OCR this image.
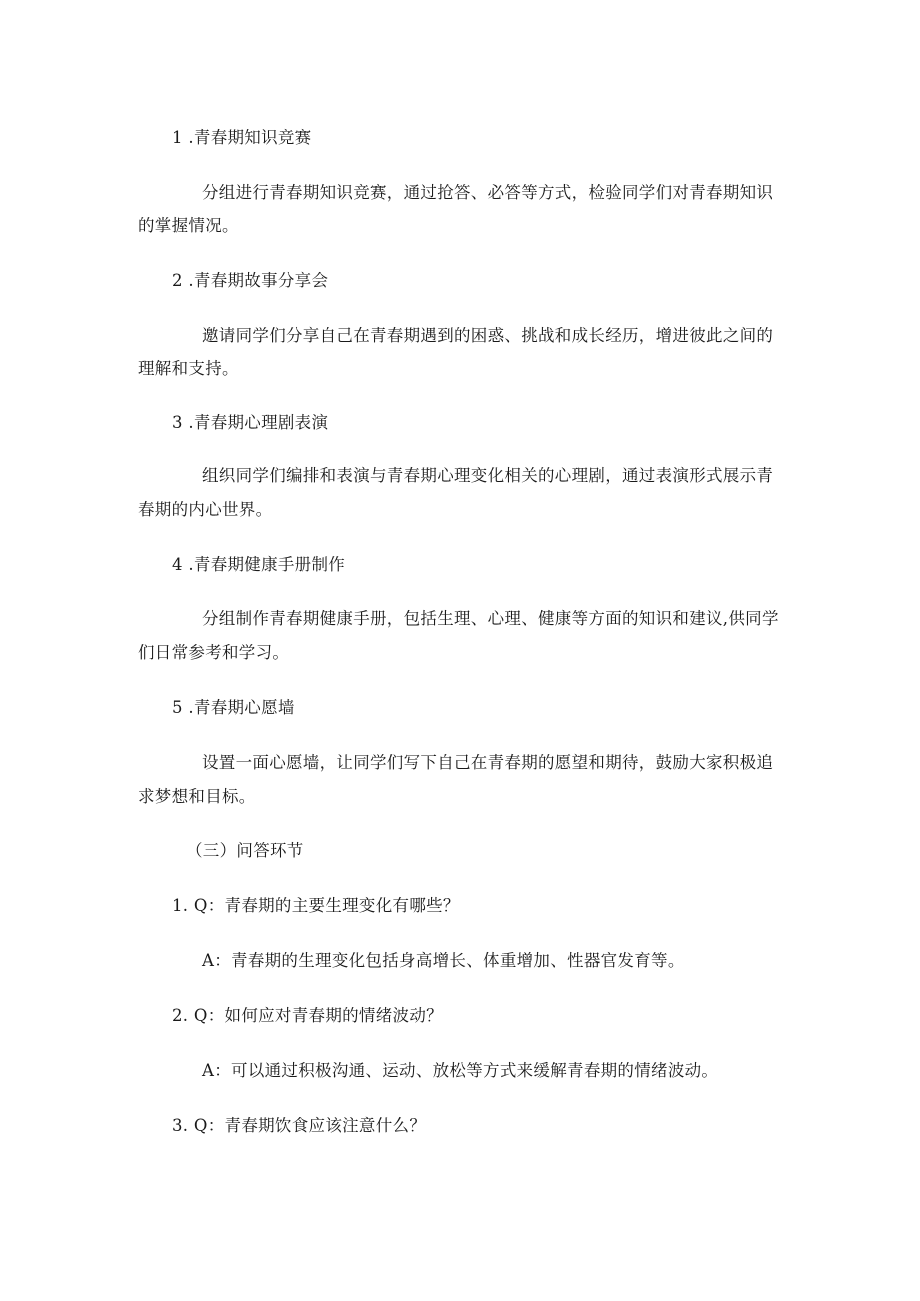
1 .青春期知识竞赛
分组进行青春期知识竞赛，通过抢答、必答等方式，检验同学们对青春期知识
的掌握情况。
2 .青春期故事分享会
邀请同学们分享自己在青春期遇到的困惑、挑战和成长经历，增进彼此之间的
理解和支持。
3 .青春期心理剧表演
组织同学们编排和表演与青春期心理变化相关的心理剧，通过表演形式展示青
春期的内心世界。
4 .青春期健康手册制作
分组制作青春期健康手册，包括生理、心理、健康等方面的知识和建议,供同学
们日常参考和学习。
5 .青春期心愿墙
设置一面心愿墙，让同学们写下自己在青春期的愿望和期待，鼓励大家积极追
求梦想和目标。
（三）问答环节
1. Q：青春期的主要生理变化有哪些？
A：青春期的生理变化包括身高增长、体重增加、性器官发育等。
2. Q：如何应对青春期的情绪波动？
A：可以通过积极沟通、运动、放松等方式来缓解青春期的情绪波动。
3. Q：青春期饮食应该注意什么？
